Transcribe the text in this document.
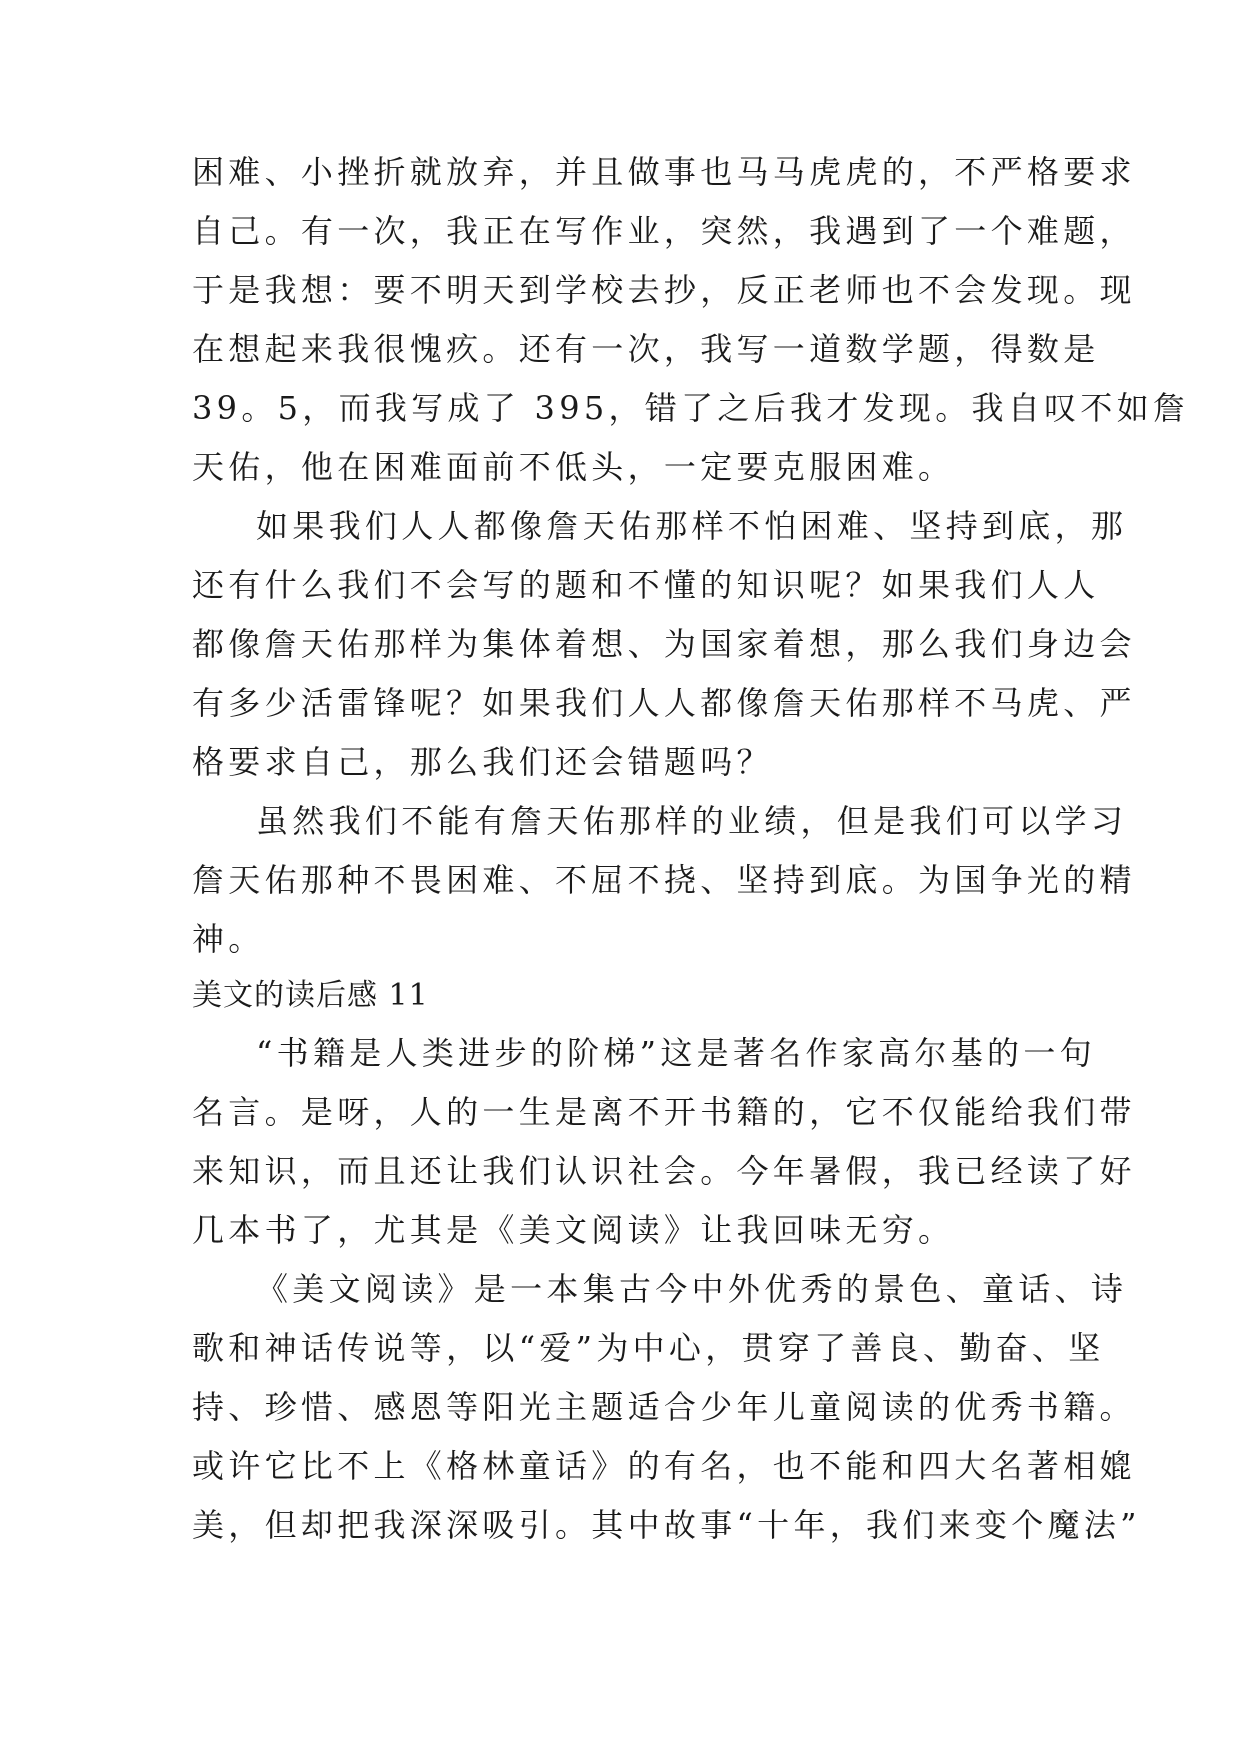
困难、小挫折就放弃，并且做事也马马虎虎的，不严格要求
自己。有一次，我正在写作业，突然，我遇到了一个难题，
于是我想：要不明天到学校去抄，反正老师也不会发现。现
在想起来我很愧疚。还有一次，我写一道数学题，得数是
39。5，而我写成了 395，错了之后我才发现。我自叹不如詹
天佑，他在困难面前不低头，一定要克服困难。
如果我们人人都像詹天佑那样不怕困难、坚持到底，那
还有什么我们不会写的题和不懂的知识呢？如果我们人人
都像詹天佑那样为集体着想、为国家着想，那么我们身边会
有多少活雷锋呢？如果我们人人都像詹天佑那样不马虎、严
格要求自己，那么我们还会错题吗？
虽然我们不能有詹天佑那样的业绩，但是我们可以学习
詹天佑那种不畏困难、不屈不挠、坚持到底。为国争光的精
神。
美文的读后感 11
“书籍是人类进步的阶梯”这是著名作家高尔基的一句
名言。是呀，人的一生是离不开书籍的，它不仅能给我们带
来知识，而且还让我们认识社会。今年暑假，我已经读了好
几本书了，尤其是《美文阅读》让我回味无穷。
《美文阅读》是一本集古今中外优秀的景色、童话、诗
歌和神话传说等，以“爱”为中心，贯穿了善良、勤奋、坚
持、珍惜、感恩等阳光主题适合少年儿童阅读的优秀书籍。
或许它比不上《格林童话》的有名，也不能和四大名著相媲
美，但却把我深深吸引。其中故事“十年，我们来变个魔法”
